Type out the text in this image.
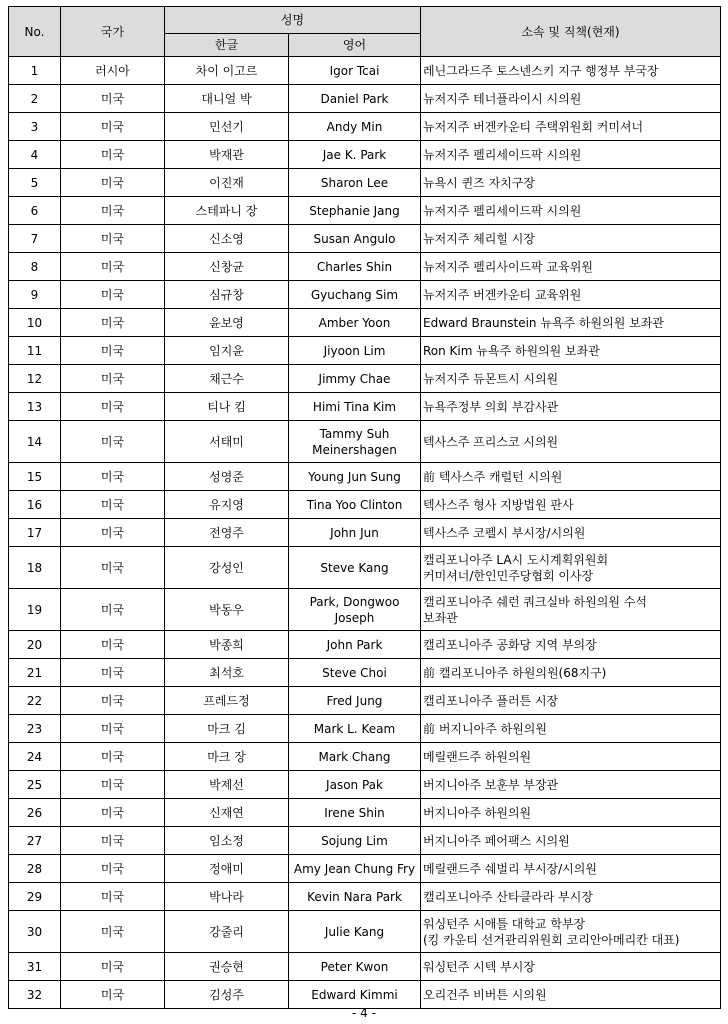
No.	국가	성명		소속 및 직책(현재)
		한글	영어	
1	러시아	차이 이고르	Igor Tcai	레닌그라드주 토스넨스키 지구 행정부 부국장

2	미국	대니얼 박	Daniel Park	뉴저지주 테너플라이시 시의원

3	미국	민선기	Andy Min	뉴저지주 버겐카운티 주택위원회 커미셔너

4	미국	박재관	Jae K. Park	뉴저지주 펠리세이드팍 시의원

5	미국	이진재	Sharon Lee	뉴욕시 퀸즈 자치구장

6	미국	스테파니 장	Stephanie Jang	뉴저지주 펠리세이드팍 시의원

7	미국	신소영	Susan Angulo	뉴저지주 체리힐 시장

8	미국	신창균	Charles Shin	뉴저지주 펠리사이드팍 교육위원

9	미국	심규창	Gyuchang Sim	뉴저지주 버겐카운티 교육위원

10	미국	윤보영	Amber Yoon	Edward Braunstein 뉴욕주 하원의원 보좌관

11	미국	임지윤	Jiyoon Lim	Ron Kim 뉴욕주 하원의원 보좌관

12	미국	채근수	Jimmy Chae	뉴저지주 듀몬트시 시의원

13	미국	티나 킴	Himi Tina Kim	뉴욕주정부 의회 부감사관

14	미국	서태미	Tammy Suh
Meinershagen	텍사스주 프리스코 시의원

15	미국	성영준	Young Jun Sung	前 텍사스주 캐럴턴 시의원

16	미국	유지영	Tina Yoo Clinton	텍사스주 형사 지방법원 판사

17	미국	전영주	John Jun	텍사스주 코펠시 부시장/시의원

18	미국	강성인	Steve Kang	캘리포니아주 LA시 도시계획위원회
커미셔너/한인민주당협회 이사장

19	미국	박동우	Park, Dongwoo
Joseph	캘리포니아주 쉐런 쿼크실바 하원의원 수석
보좌관

20	미국	박종희	John Park	캘리포니아주 공화당 지역 부의장

21	미국	최석호	Steve Choi	前 캘리포니아주 하원의원(68지구)

22	미국	프레드정	Fred Jung	캘리포니아주 플러튼 시장

23	미국	마크 김	Mark L. Keam	前 버지니아주 하원의원

24	미국	마크 장	Mark Chang	메릴랜드주 하원의원

25	미국	박제선	Jason Pak	버지니아주 보훈부 부장관

26	미국	신재연	Irene Shin	버지니아주 하원의원

27	미국	임소정	Sojung Lim	버지니아주 페어팩스 시의원

28	미국	정애미	Amy Jean Chung Fry	메릴랜드주 쉐벌리 부시장/시의원

29	미국	박나라	Kevin Nara Park	캘리포니아주 산타클라라 부시장

30	미국	강줄리	Julie Kang	워싱턴주 시애틀 대학교 학부장
(킹 카운티 선거관리위원회 코리안아메리칸 대표)

31	미국	권승현	Peter Kwon	워싱턴주 시텍 부시장

32	미국	김성주	Edward Kimmi	오리건주 비버튼 시의원
- 4 -
